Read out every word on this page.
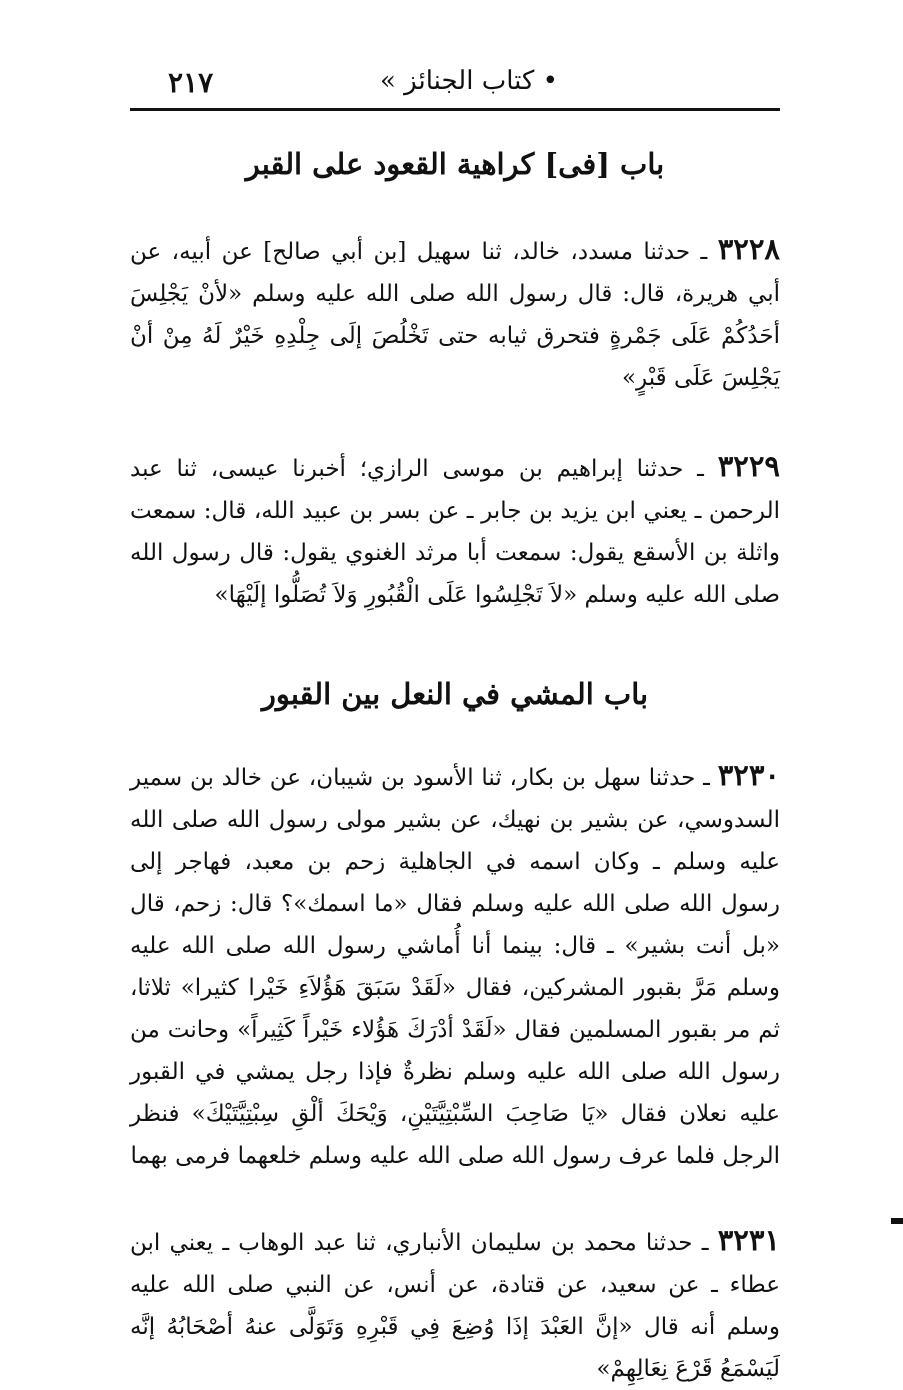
٢١٧	• كتاب الجنائز »
باب [فى] كراهية القعود على القبر

٣٢٢٨ ـ حدثنا مسدد، خالد، ثنا سهيل [بن أبي صالح] عن أبيه، عن أبي هريرة، قال: قال رسول الله صلى الله عليه وسلم «لأنْ يَجْلِسَ أحَدُكُمْ عَلَى جَمْرةٍ فتحرق ثيابه حتى تَخْلُصَ إلَى جِلْدِهِ خَيْرٌ لَهُ مِنْ أنْ يَجْلِسَ عَلَى قَبْرٍ»

٣٢٢٩ ـ حدثنا إبراهيم بن موسى الرازي؛ أخبرنا عيسى، ثنا عبد الرحمن ـ يعني ابن يزيد بن جابر ـ عن بسر بن عبيد الله، قال: سمعت واثلة بن الأسقع يقول: سمعت أبا مرثد الغنوي يقول: قال رسول الله صلى الله عليه وسلم «لاَ تَجْلِسُوا عَلَى الْقُبُورِ وَلاَ تُصَلُّوا إلَيْهَا»

باب المشي في النعل بين القبور

٣٢٣٠ ـ حدثنا سهل بن بكار، ثنا الأسود بن شيبان، عن خالد بن سمير السدوسي، عن بشير بن نهيك، عن بشير مولى رسول الله صلى الله عليه وسلم ـ وكان اسمه في الجاهلية زحم بن معبد، فهاجر إلى رسول الله صلى الله عليه وسلم فقال «ما اسمك»؟ قال: زحم، قال «بل أنت بشير» ـ قال: بينما أنا أُماشي رسول الله صلى الله عليه وسلم مَرَّ بقبور المشركين، فقال «لَقَدْ سَبَقَ هَؤُلاَءِ خَيْرا كثيرا» ثلاثا، ثم مر بقبور المسلمين فقال «لَقَدْ أدْرَكَ هَؤُلاء خَيْراً كَثِيراً» وحانت من رسول الله صلى الله عليه وسلم نظرةٌ فإذا رجل يمشي في القبور عليه نعلان فقال «يَا صَاحِبَ السِّبْتِيَّتَيْنِ، وَيْحَكَ ألْقِ سِبْتِيَّتَيْكَ» فنظر الرجل فلما عرف رسول الله صلى الله عليه وسلم خلعهما فرمى بهما

٣٢٣١ ـ حدثنا محمد بن سليمان الأنباري، ثنا عبد الوهاب ـ يعني ابن عطاء ـ عن سعيد، عن قتادة، عن أنس، عن النبي صلى الله عليه وسلم أنه قال «إنَّ العَبْدَ إذَا وُضِعَ فِي قَبْرِهِ وَتَوَلَّى عنهُ أصْحَابُهُ إنَّه لَيَسْمَعُ قَرْعَ نِعَالِهِمْ»
